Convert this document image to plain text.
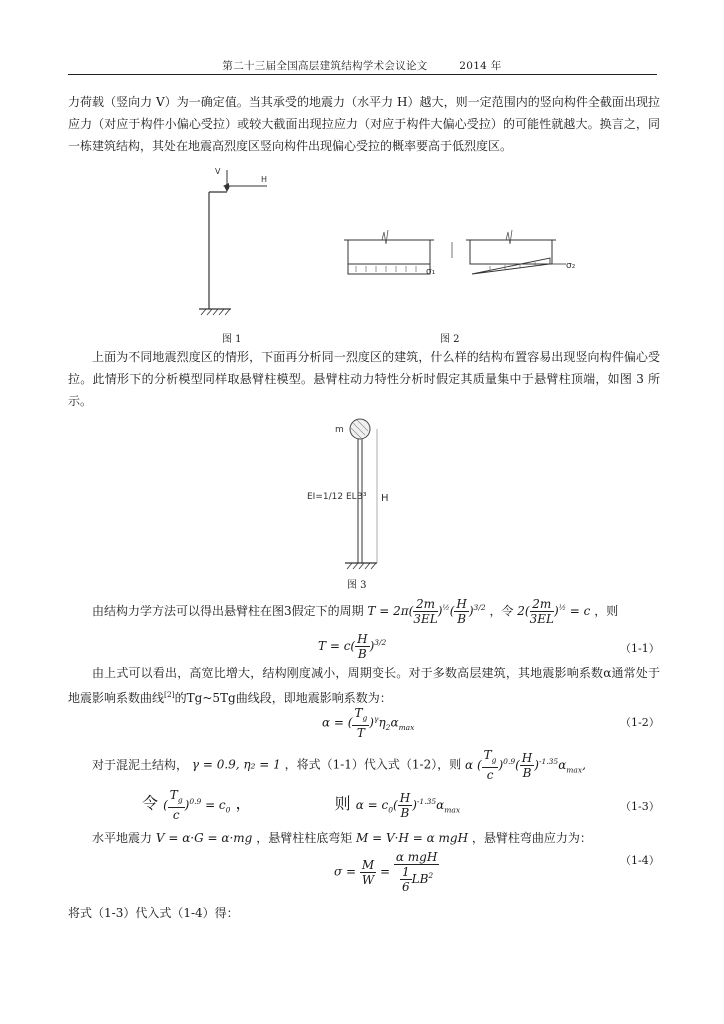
第二十三届全国高层建筑结构学术会议论文	2014 年
力荷载（竖向力 V）为一确定值。当其承受的地震力（水平力 H）越大，则一定范围内的竖向构件全截面出现拉应力（对应于构件小偏心受拉）或较大截面出现拉应力（对应于构件大偏心受拉）的可能性就越大。换言之，同一栋建筑结构，其处在地震高烈度区竖向构件出现偏心受拉的概率要高于低烈度区。
V
H
图 1
σ₁
σ₂
图 2
上面为不同地震烈度区的情形，下面再分析同一烈度区的建筑，什么样的结构布置容易出现竖向构件偏心受拉。此情形下的分析模型同样取悬臂柱模型。悬臂柱动力特性分析时假定其质量集中于悬臂柱顶端，如图 3 所示。
m
H
EI=1/12 ELB³
图 3
由结构力学方法可以得出悬臂柱在图3假定下的周期 $T = 2\pi( \frac{2m}{3EL} )^{\frac{1}{2}}( \frac{H}{B} )^{3/2}$ ，令 $2( \frac{2m}{3EL} )^{\frac{1}{2}} = c$ ，则
$T = c( \frac{H}{B} )^{3/2}$	（1-1）
由上式可以看出，高宽比增大，结构刚度减小，周期变长。对于多数高层建筑，其地震影响系数α通常处于地震影响系数曲线[2]的Tg~5Tg曲线段，即地震影响系数为：
α = ( $\frac{T_g}{T} )^\gamma\eta_2\alpha_{max}$	（1-2）
对于混泥土结构， γ = 0.9, η₂ = 1 ，将式（1-1）代入式（1-2），则 α ( $\frac{T_g}{c} )^{0.9}( \frac{H}{B} )^{-1.35}\alpha_{max}$,
令 ( $\frac{T_g}{c} )^{0.9} = c_0$ ，	则 $\alpha = c_0( \frac{H}{B} )^{-1.35}\alpha_{max}$	（1-3）
水平地震力 V = α·G = α·mg ，悬臂柱柱底弯矩 M = V·H = α mgH ，悬臂柱弯曲应力为：
$\sigma = \frac{M}{W} = \frac{\text{α mgH}}{\frac{1}{6} LB^2}$	（1-4）
将式（1-3）代入式（1-4）得：
